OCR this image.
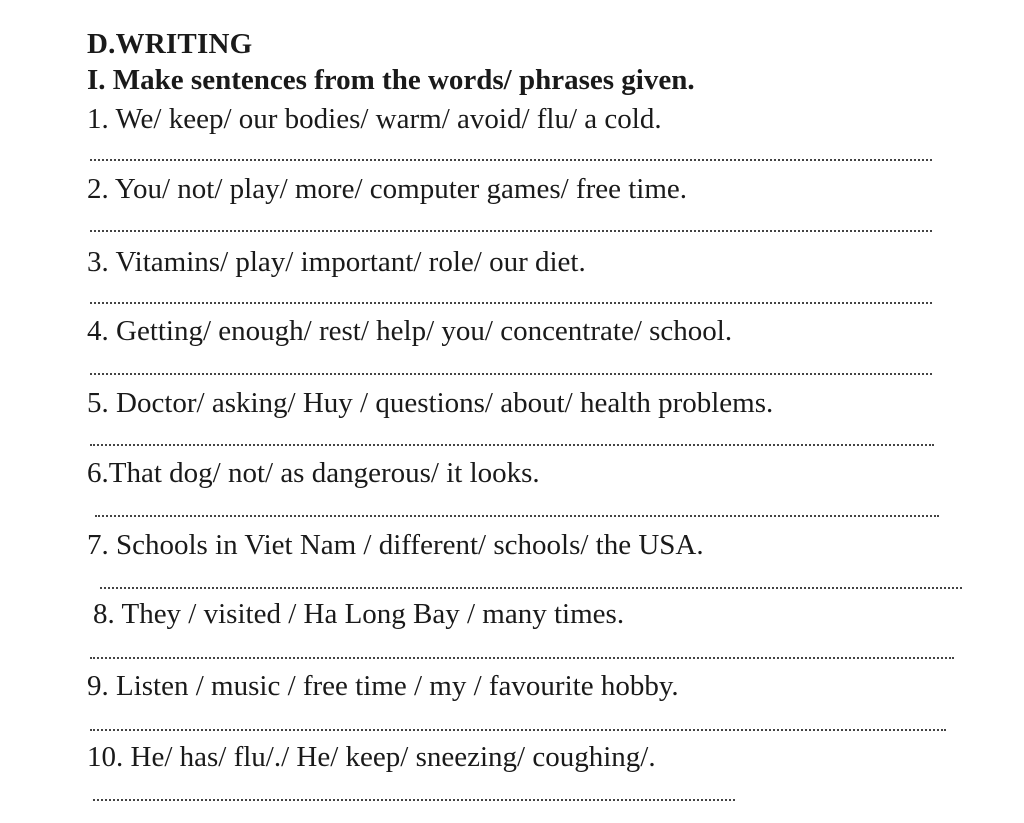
D.WRITING
I. Make sentences from the words/ phrases given.
1. We/ keep/ our bodies/ warm/ avoid/ flu/ a cold.
2. You/ not/ play/ more/ computer games/ free time.
3. Vitamins/ play/ important/ role/ our diet.
4. Getting/ enough/ rest/ help/ you/ concentrate/ school.
5. Doctor/ asking/ Huy / questions/ about/ health problems.
6.That dog/ not/ as dangerous/ it looks.
7. Schools in Viet Nam / different/ schools/ the USA.
8. They / visited / Ha Long Bay / many times.
9. Listen / music / free time / my / favourite hobby.
10. He/ has/ flu/./ He/ keep/ sneezing/ coughing/.
